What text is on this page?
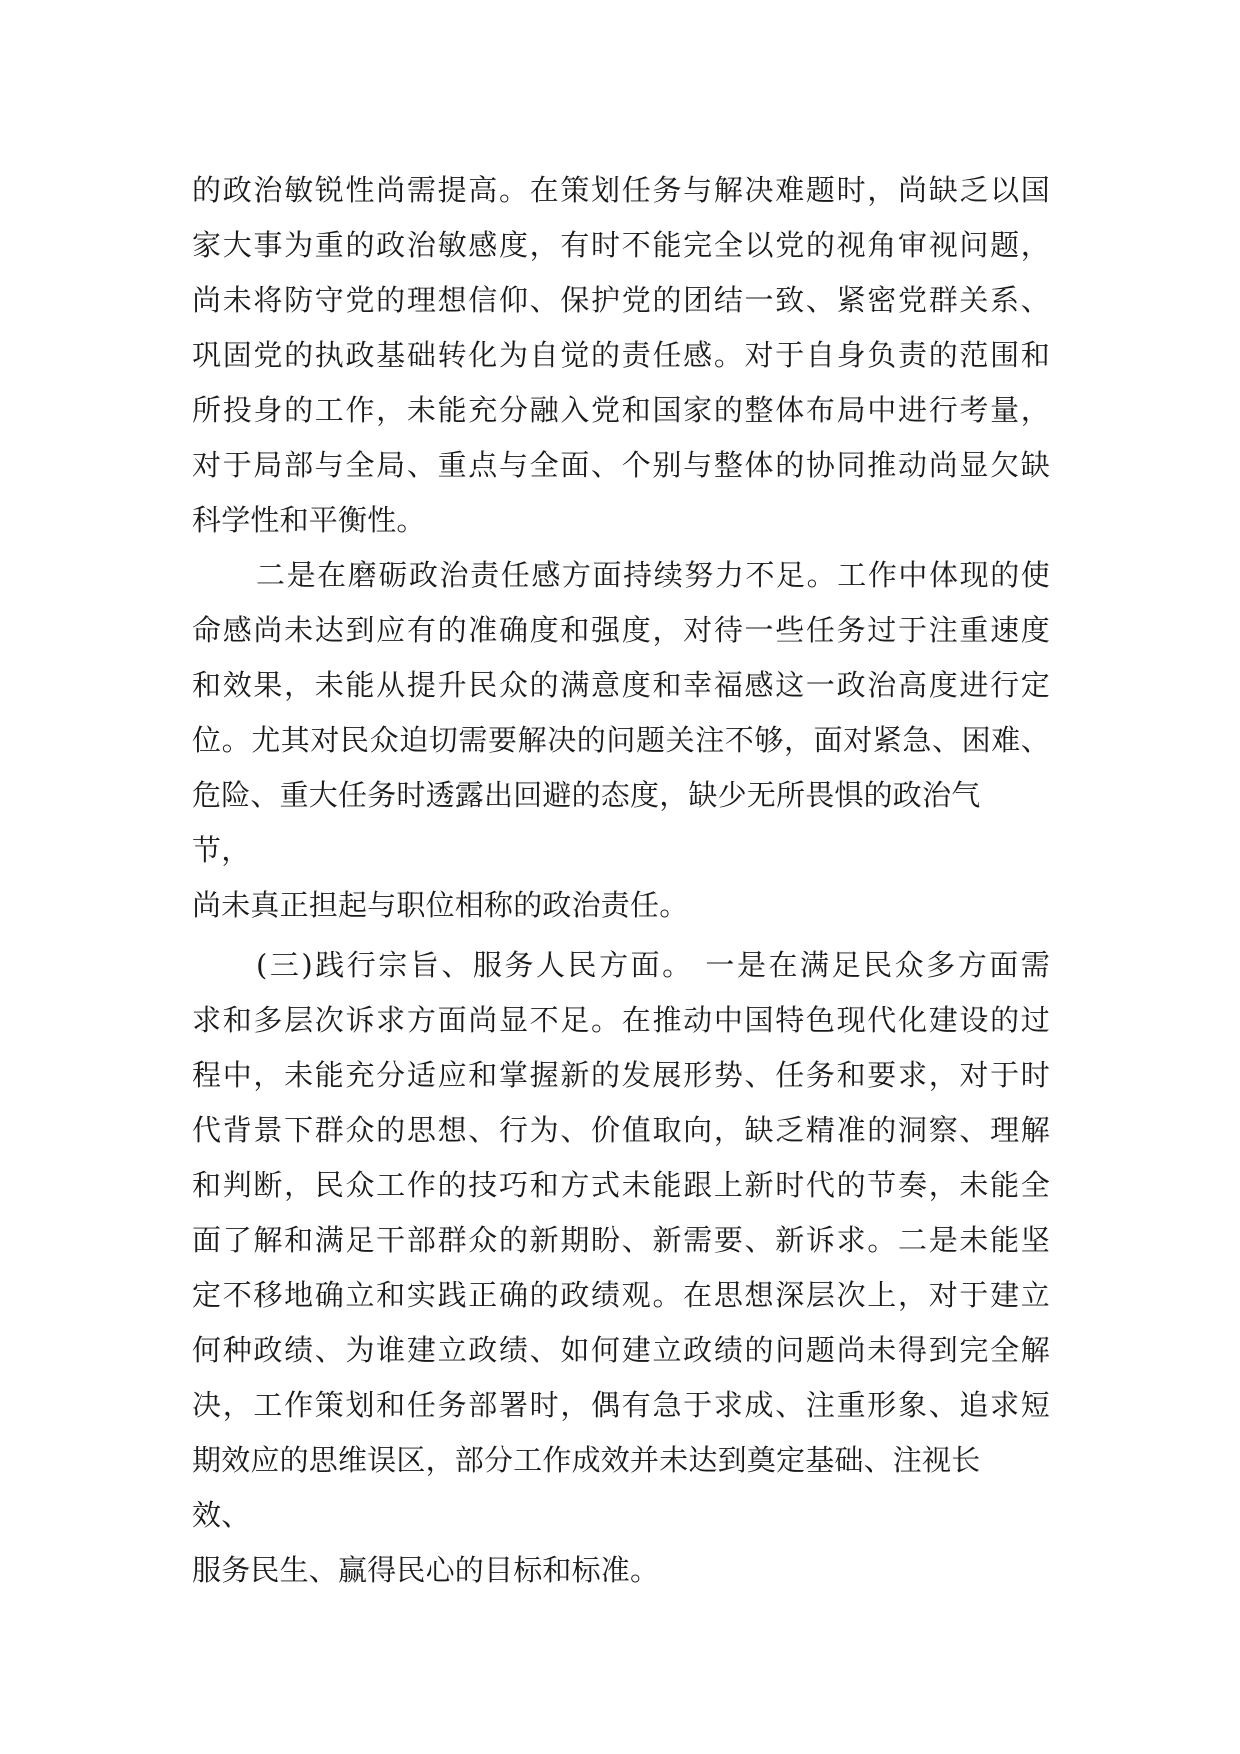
的政治敏锐性尚需提高。在策划任务与解决难题时，尚缺乏以国

家大事为重的政治敏感度，有时不能完全以党的视角审视问题，

尚未将防守党的理想信仰、保护党的团结一致、紧密党群关系、

巩固党的执政基础转化为自觉的责任感。对于自身负责的范围和

所投身的工作，未能充分融入党和国家的整体布局中进行考量，

对于局部与全局、重点与全面、个别与整体的协同推动尚显欠缺

科学性和平衡性。

二是在磨砺政治责任感方面持续努力不足。工作中体现的使

命感尚未达到应有的准确度和强度，对待一些任务过于注重速度

和效果，未能从提升民众的满意度和幸福感这一政治高度进行定

位。尤其对民众迫切需要解决的问题关注不够，面对紧急、困难、

危险、重大任务时透露出回避的态度，缺少无所畏惧的政治气

节，

尚未真正担起与职位相称的政治责任。

(三)践行宗旨、服务人民方面。 一是在满足民众多方面需

求和多层次诉求方面尚显不足。在推动中国特色现代化建设的过

程中，未能充分适应和掌握新的发展形势、任务和要求，对于时

代背景下群众的思想、行为、价值取向，缺乏精准的洞察、理解

和判断，民众工作的技巧和方式未能跟上新时代的节奏，未能全

面了解和满足干部群众的新期盼、新需要、新诉求。二是未能坚

定不移地确立和实践正确的政绩观。在思想深层次上，对于建立

何种政绩、为谁建立政绩、如何建立政绩的问题尚未得到完全解

决，工作策划和任务部署时，偶有急于求成、注重形象、追求短

期效应的思维误区，部分工作成效并未达到奠定基础、注视长

效、

服务民生、赢得民心的目标和标准。
